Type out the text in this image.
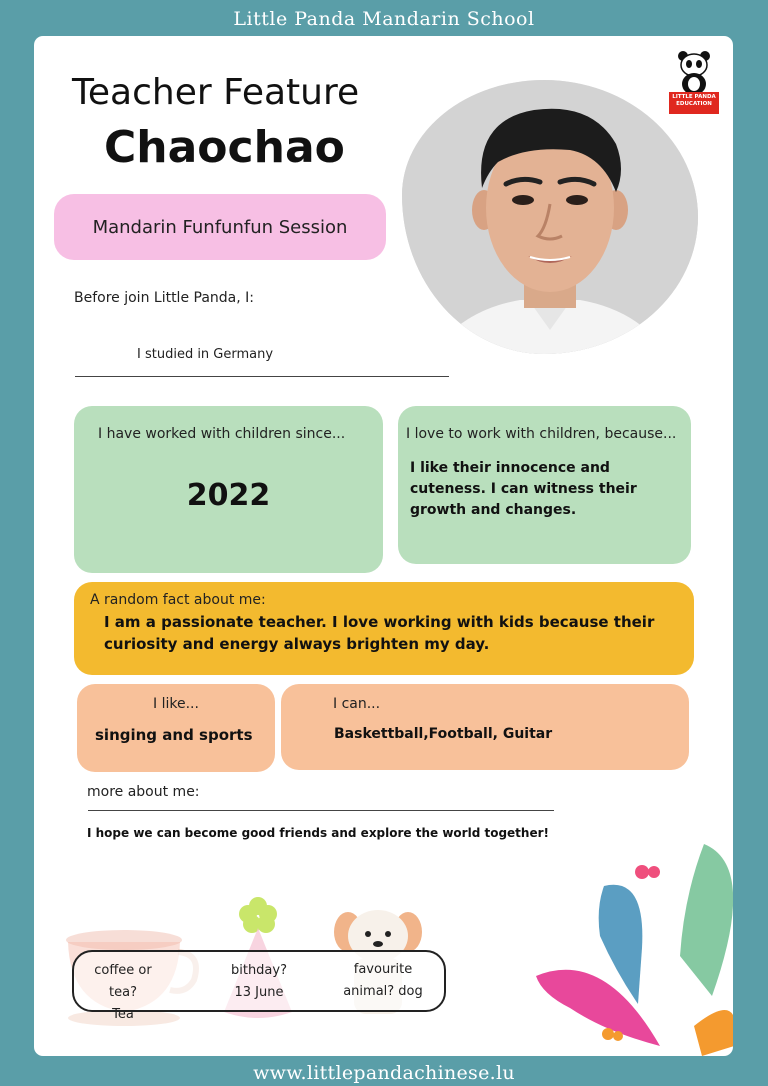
Little Panda Mandarin School
Teacher Feature
Chaochao
Mandarin Funfunfun Session
LITTLE PANDA
EDUCATION
Before join Little Panda, I:
I studied in Germany
I have worked with children since...
2022
I love to work with children, because...
I like their innocence and cuteness. I can witness their growth and changes.
A random fact about me:
I am a passionate teacher. I love working with kids because their curiosity and energy always brighten my day.
I like...
singing and sports
I can...
Baskettball,Football, Guitar
more about me:
I hope we can become good friends and explore the world together!
coffee or tea?
Tea
bithday?
13 June
favourite
animal? dog
www.littlepandachinese.lu
